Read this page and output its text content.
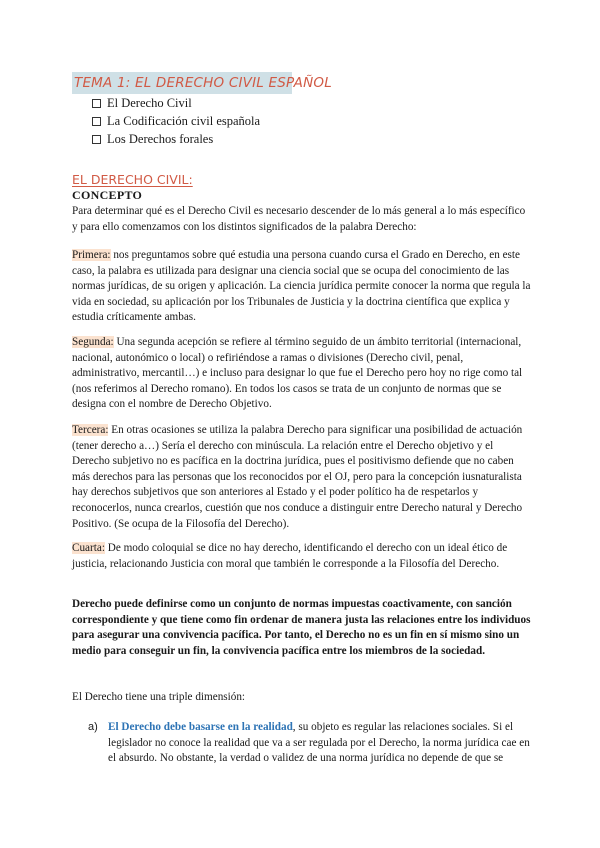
TEMA 1: EL DERECHO CIVIL ESPAÑOL
El Derecho Civil
La Codificación civil española
Los Derechos forales
EL DERECHO CIVIL:
CONCEPTO

Para determinar qué es el Derecho Civil es necesario descender de lo más general a lo más específico y para ello comenzamos con los distintos significados de la palabra Derecho:

Primera: nos preguntamos sobre qué estudia una persona cuando cursa el Grado en Derecho, en este caso, la palabra es utilizada para designar una ciencia social que se ocupa del conocimiento de las normas jurídicas, de su origen y aplicación. La ciencia jurídica permite conocer la norma que regula la vida en sociedad, su aplicación por los Tribunales de Justicia y la doctrina científica que explica y estudia críticamente ambas.

Segunda: Una segunda acepción se refiere al término seguido de un ámbito territorial (internacional, nacional, autonómico o local) o refiriéndose a ramas o divisiones (Derecho civil, penal, administrativo, mercantil…) e incluso para designar lo que fue el Derecho pero hoy no rige como tal (nos referimos al Derecho romano). En todos los casos se trata de un conjunto de normas que se designa con el nombre de Derecho Objetivo.

Tercera: En otras ocasiones se utiliza la palabra Derecho para significar una posibilidad de actuación (tener derecho a…) Sería el derecho con minúscula. La relación entre el Derecho objetivo y el Derecho subjetivo no es pacífica en la doctrina jurídica, pues el positivismo defiende que no caben más derechos para las personas que los reconocidos por el OJ, pero para la concepción iusnaturalista hay derechos subjetivos que son anteriores al Estado y el poder político ha de respetarlos y reconocerlos, nunca crearlos, cuestión que nos conduce a distinguir entre Derecho natural y Derecho Positivo. (Se ocupa de la Filosofía del Derecho).

Cuarta: De modo coloquial se dice no hay derecho, identificando el derecho con un ideal ético de justicia, relacionando Justicia con moral que también le corresponde a la Filosofía del Derecho.

Derecho puede definirse como un conjunto de normas impuestas coactivamente, con sanción correspondiente y que tiene como fin ordenar de manera justa las relaciones entre los individuos para asegurar una convivencia pacífica. Por tanto, el Derecho no es un fin en sí mismo sino un medio para conseguir un fin, la convivencia pacífica entre los miembros de la sociedad.

El Derecho tiene una triple dimensión:

a) El Derecho debe basarse en la realidad, su objeto es regular las relaciones sociales. Si el legislador no conoce la realidad que va a ser regulada por el Derecho, la norma jurídica cae en el absurdo. No obstante, la verdad o validez de una norma jurídica no depende de que se
